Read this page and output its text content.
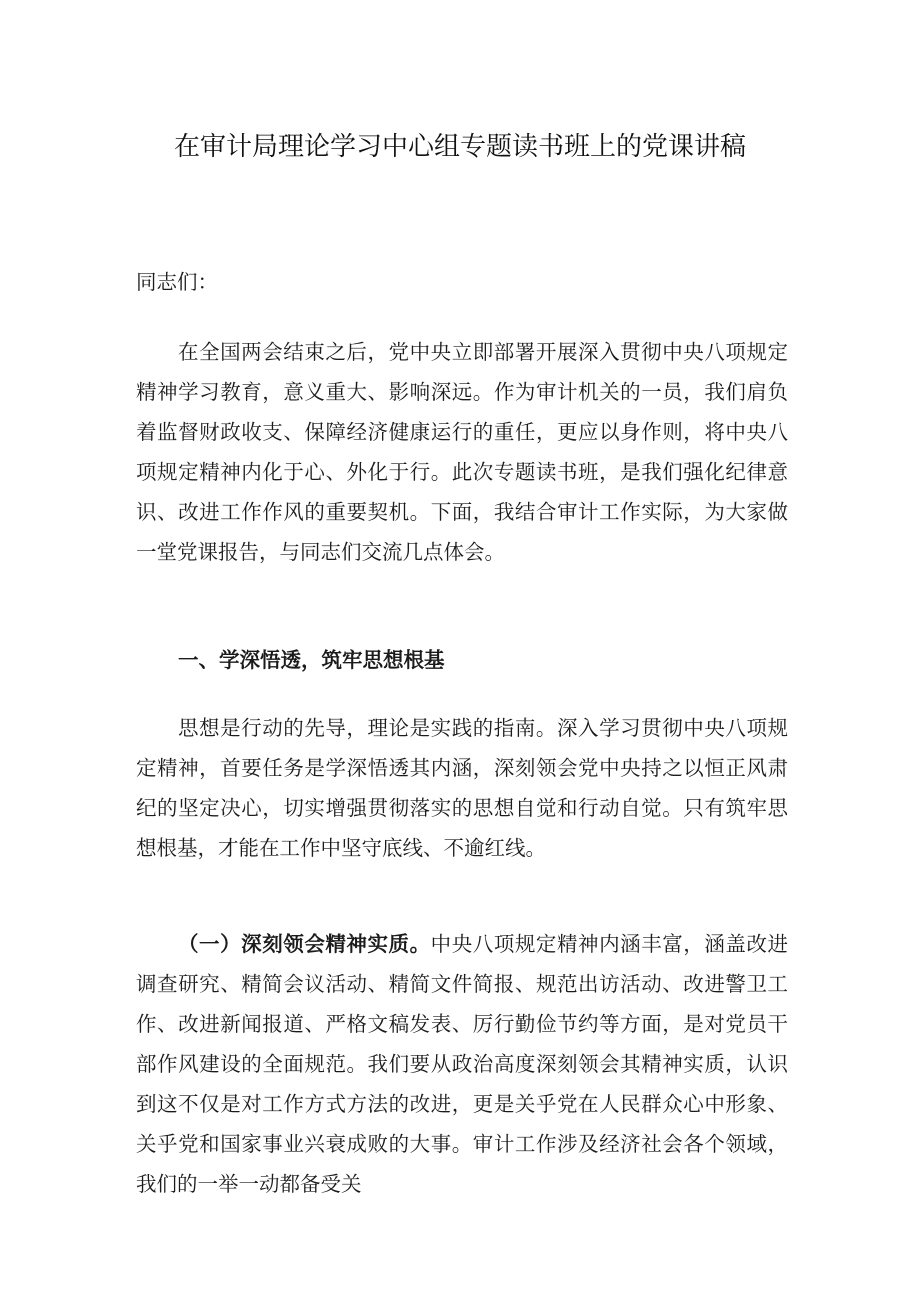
在审计局理论学习中心组专题读书班上的党课讲稿
同志们：
在全国两会结束之后，党中央立即部署开展深入贯彻中央八项规定精神学习教育，意义重大、影响深远。作为审计机关的一员，我们肩负着监督财政收支、保障经济健康运行的重任，更应以身作则，将中央八项规定精神内化于心、外化于行。此次专题读书班，是我们强化纪律意识、改进工作作风的重要契机。下面，我结合审计工作实际，为大家做一堂党课报告，与同志们交流几点体会。
一、学深悟透，筑牢思想根基
思想是行动的先导，理论是实践的指南。深入学习贯彻中央八项规定精神，首要任务是学深悟透其内涵，深刻领会党中央持之以恒正风肃纪的坚定决心，切实增强贯彻落实的思想自觉和行动自觉。只有筑牢思想根基，才能在工作中坚守底线、不逾红线。
（一）深刻领会精神实质。中央八项规定精神内涵丰富，涵盖改进调查研究、精简会议活动、精简文件简报、规范出访活动、改进警卫工作、改进新闻报道、严格文稿发表、厉行勤俭节约等方面，是对党员干部作风建设的全面规范。我们要从政治高度深刻领会其精神实质，认识到这不仅是对工作方式方法的改进，更是关乎党在人民群众心中形象、关乎党和国家事业兴衰成败的大事。审计工作涉及经济社会各个领域，我们的一举一动都备受关
